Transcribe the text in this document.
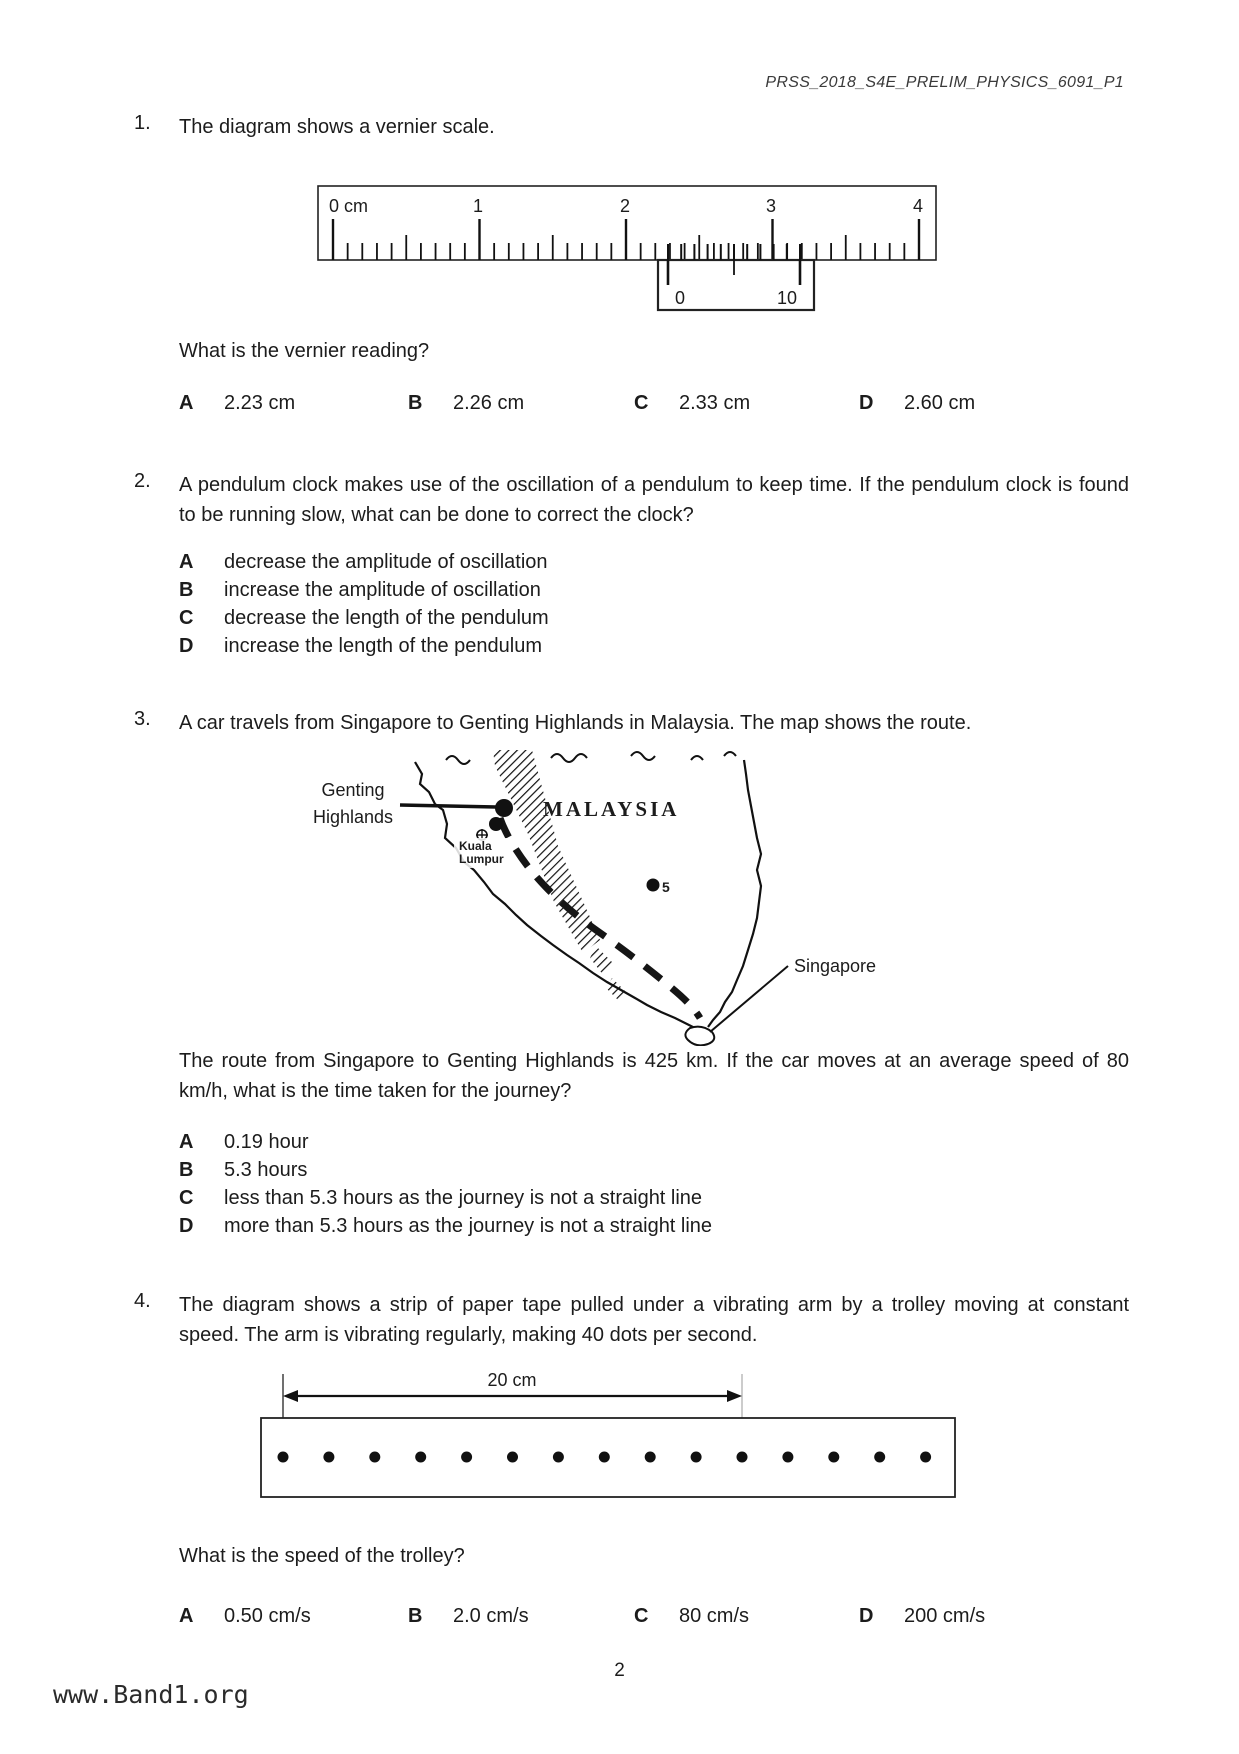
PRSS_2018_S4E_PRELIM_PHYSICS_6091_P1
1.	The diagram shows a vernier scale.
0 cm	1	2	3	4
0	10
What is the vernier reading?
A	2.23 cm	B	2.26 cm	C	2.33 cm	D	2.60 cm
2.	A pendulum clock makes use of the oscillation of a pendulum to keep time. If the pendulum clock is found to be running slow, what can be done to correct the clock?
A	decrease the amplitude of oscillation
B	increase the amplitude of oscillation
C	decrease the length of the pendulum
D	increase the length of the pendulum
3.	A car travels from Singapore to Genting Highlands in Malaysia. The map shows the route.
Genting
Highlands
Kuala
Lumpur
MALAYSIA
5
Singapore
The route from Singapore to Genting Highlands is 425 km. If the car moves at an average speed of 80 km/h, what is the time taken for the journey?
A	0.19 hour
B	5.3 hours
C	less than 5.3 hours as the journey is not a straight line
D	more than 5.3 hours as the journey is not a straight line
4.	The diagram shows a strip of paper tape pulled under a vibrating arm by a trolley moving at constant speed. The arm is vibrating regularly, making 40 dots per second.
20 cm
What is the speed of the trolley?
A	0.50 cm/s	B	2.0 cm/s	C	80 cm/s	D	200 cm/s
2
www.Band1.org
